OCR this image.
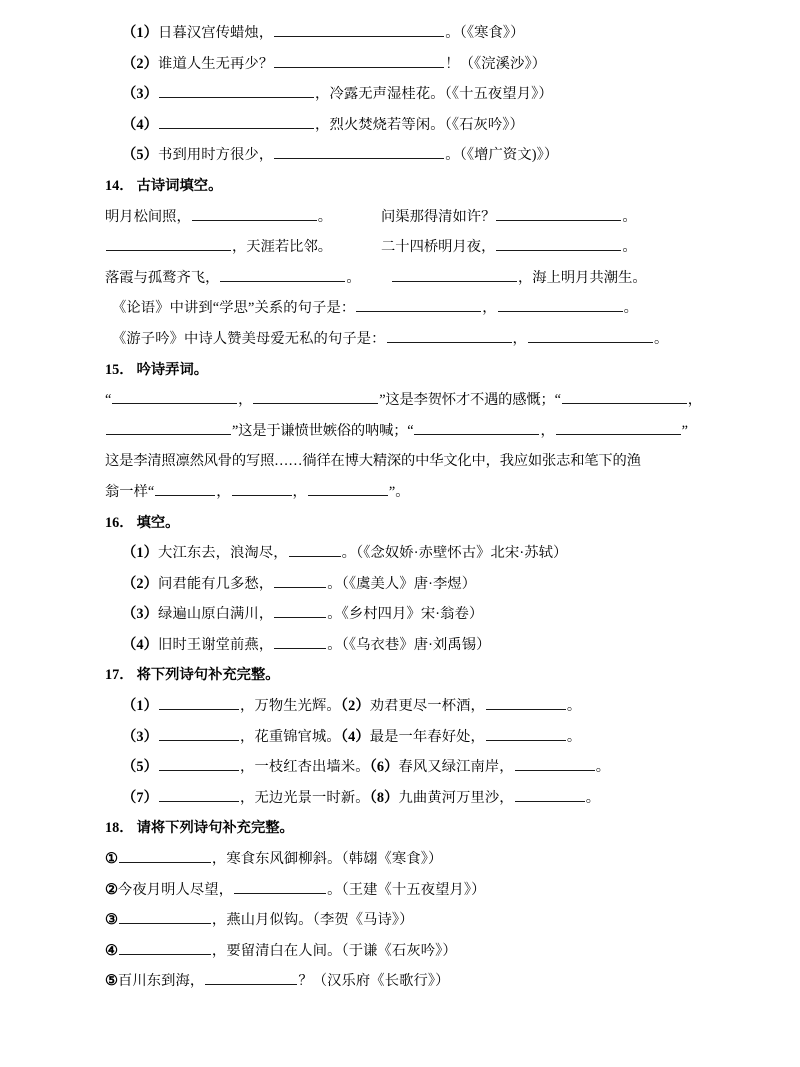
（1）日暮汉宫传蜡烛，	。（《寒食》）
（2）谁道人生无再少？	！（《浣溪沙》）
（3）	，冷露无声湿桂花。（《十五夜望月》）
（4）	，烈火焚烧若等闲。（《石灰吟》）
（5）书到用时方很少，	。（《增广资文)》）
14． 古诗词填空。
明月松间照，	。	问渠那得清如许？	。
，天涯若比邻。	二十四桥明月夜，	。
落霞与孤鹜齐飞，	。	，海上明月共潮生。
《论语》中讲到“学思”关系的句子是：	，	。
《游子吟》中诗人赞美母爱无私的句子是：	，	。
15． 吟诗弄词。
“	，	”这是李贺怀才不遇的感慨；“	，
”这是于谦愤世嫉俗的呐喊；“	，	”
这是李清照凛然风骨的写照……徜徉在博大精深的中华文化中，我应如张志和笔下的渔
翁一样“	，	，	”。
16． 填空。
（1）大江东去，浪淘尽，	。（《念奴娇·赤壁怀古》北宋·苏轼）
（2）问君能有几多愁，	。（《虞美人》唐·李煜）
（3）绿遍山原白满川，	。《乡村四月》宋·翁卷）
（4）旧时王谢堂前燕，	。（《乌衣巷》唐·刘禹锡）
17． 将下列诗句补充完整。
（1）	，万物生光辉。（2）劝君更尽一杯酒，	。
（3）	，花重锦官城。（4）最是一年春好处，	。
（5）	，一枝红杏出墙米。（6）春风又绿江南岸，	。
（7）	，无边光景一时新。（8）九曲黄河万里沙，	。
18． 请将下列诗句补充完整。
①	，寒食东风御柳斜。（韩翃《寒食》）
②今夜月明人尽望，	。（王建《十五夜望月》）
③	，燕山月似钩。（李贺《马诗》）
④	，要留清白在人间。（于谦《石灰吟》）
⑤百川东到海，	？（汉乐府《长歌行》）
